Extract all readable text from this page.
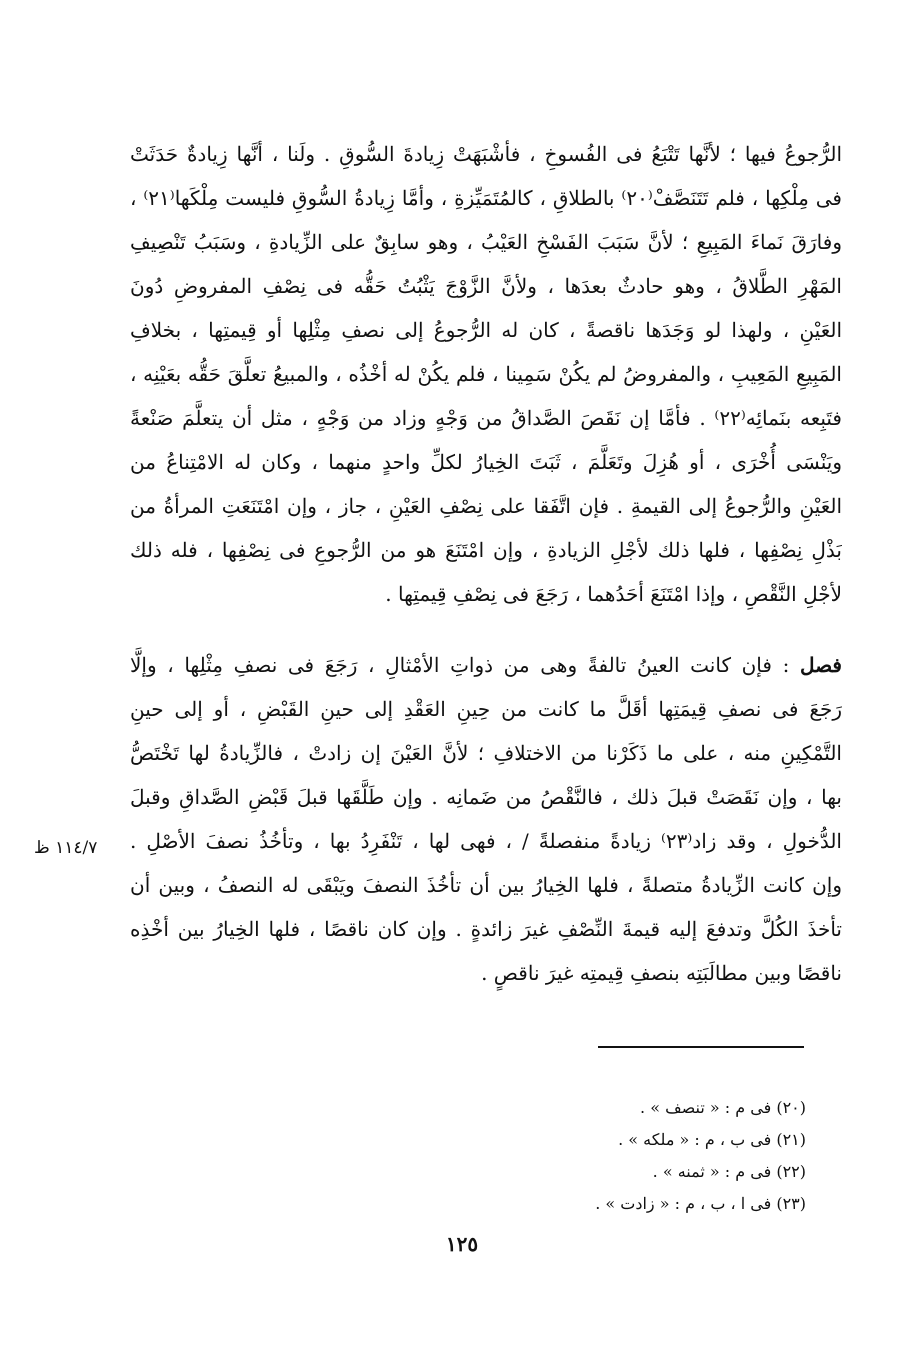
الرُّجوعُ فيها ؛ لأنَّها تَتْبَعُ فى الفُسوخِ ، فأشْبَهَتْ زِيادةَ السُّوقِ . ولَنا ، أنَّها زِيادةٌ حَدَثَتْ
فى مِلْكِها ، فلم تَتَنَصَّفْ⁽٢٠⁾ بالطلاقِ ، كالمُتَمَيِّزةِ ، وأمَّا زِيادةُ السُّوقِ فليست مِلْكَها⁽٢١⁾ ،
وفارَقَ نَماءَ المَبِيعِ ؛ لأنَّ سَبَبَ الفَسْخِ العَيْبُ ، وهو سابِقٌ على الزِّيادةِ ، وسَبَبُ تَنْصِيفِ
المَهْرِ الطَّلاقُ ، وهو حادثٌ بعدَها ، ولأنَّ الزَّوْجَ يَثْبُتُ حَقُّه فى نِصْفِ المفروضِ دُونَ
العَيْنِ ، ولهذا لو وَجَدَها ناقصةً ، كان له الرُّجوعُ إلى نصفِ مِثْلِها أو قِيمتِها ، بخلافِ
المَبِيعِ المَعِيبِ ، والمفروضُ لم يكُنْ سَمِينا ، فلم يكُنْ له أخْذُه ، والمبيعُ تعلَّقَ حَقُّه بعَيْنِه ،
فتَبِعه بنَمائِه⁽٢٢⁾ . فأمَّا إن نَقَصَ الصَّداقُ من وَجْهٍ وزاد من وَجْهٍ ، مثل أن يتعلَّمَ صَنْعةً
ويَنْسَى أُخْرَى ، أو هُزِلَ وتَعَلَّمَ ، ثَبَتَ الخِيارُ لكلِّ واحدٍ منهما ، وكان له الامْتِناعُ من
العَيْنِ والرُّجوعُ إلى القيمةِ . فإن اتَّفَقا على نِصْفِ العَيْنِ ، جاز ، وإن امْتَنَعَتِ المرأةُ من
بَذْلِ نِصْفِها ، فلها ذلك لأجْلِ الزيادةِ ، وإن امْتَنَعَ هو من الرُّجوعِ فى نِصْفِها ، فله ذلك
لأجْلِ النَّقْصِ ، وإذا امْتَنَعَ أحَدُهما ، رَجَعَ فى نِصْفِ قِيمتِها .
فصل : فإن كانت العينُ تالفةً وهى من ذواتِ الأمْثالِ ، رَجَعَ فى نصفِ مِثْلِها ، وإلَّا
رَجَعَ فى نصفِ قِيمَتِها أقَلَّ ما كانت من حِينِ العَقْدِ إلى حينِ القَبْضِ ، أو إلى حينِ
التَّمْكِينِ منه ، على ما ذَكَرْنا من الاختلافِ ؛ لأنَّ العَيْنَ إن زادتْ ، فالزِّيادةُ لها تَخْتَصُّ
بها ، وإن نَقَصَتْ قبلَ ذلك ، فالنَّقْصُ من ضَمانِه . وإن طَلَّقَها قبلَ قَبْضِ الصَّداقِ وقبلَ
الدُّخولِ ، وقد زاد⁽٢٣⁾ زيادةً منفصلةً / ، فهى لها ، تَنْفَرِدُ بها ، وتأخُذُ نصفَ الأصْلِ .
وإن كانت الزِّيادةُ متصلةً ، فلها الخِيارُ بين أن تأخُذَ النصفَ ويَبْقَى له النصفُ ، وبين أن
تأخذَ الكُلَّ وتدفعَ إليه قيمةَ النِّصْفِ غيرَ زائدةٍ . وإن كان ناقصًا ، فلها الخِيارُ بين أخْذِه
ناقصًا وبين مطالَبَتِه بنصفِ قِيمتِه غيرَ ناقصٍ .
١١٤/٧ ظ
(٢٠) فى م : « تنصف » .
(٢١) فى ب ، م : « ملكه » .
(٢٢) فى م : « ثمنه » .
(٢٣) فى ا ، ب ، م : « زادت » .
١٢٥
